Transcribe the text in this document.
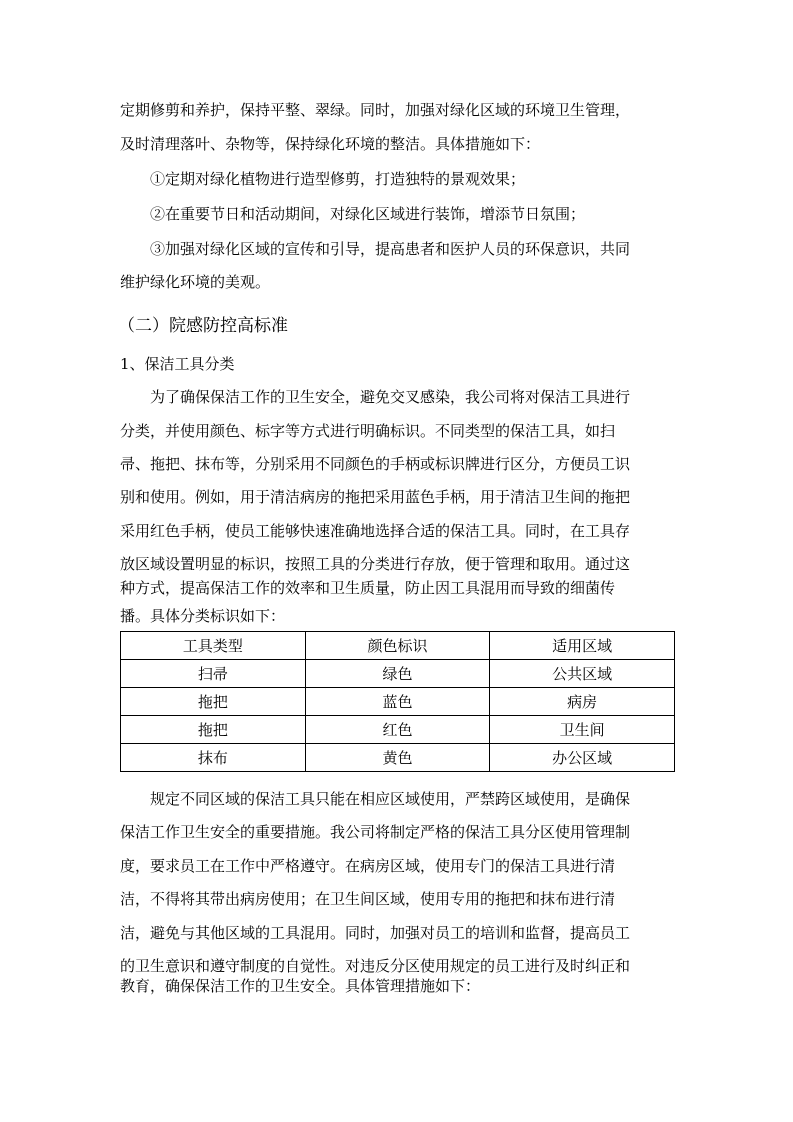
定期修剪和养护，保持平整、翠绿。同时，加强对绿化区域的环境卫生管理，
及时清理落叶、杂物等，保持绿化环境的整洁。具体措施如下：
①定期对绿化植物进行造型修剪，打造独特的景观效果；
②在重要节日和活动期间，对绿化区域进行装饰，增添节日氛围；
③加强对绿化区域的宣传和引导，提高患者和医护人员的环保意识，共同
维护绿化环境的美观。
（二）院感防控高标准
1、保洁工具分类
为了确保保洁工作的卫生安全，避免交叉感染，我公司将对保洁工具进行
分类，并使用颜色、标字等方式进行明确标识。不同类型的保洁工具，如扫
帚、拖把、抹布等，分别采用不同颜色的手柄或标识牌进行区分，方便员工识
别和使用。例如，用于清洁病房的拖把采用蓝色手柄，用于清洁卫生间的拖把
采用红色手柄，使员工能够快速准确地选择合适的保洁工具。同时，在工具存
放区域设置明显的标识，按照工具的分类进行存放，便于管理和取用。通过这
种方式，提高保洁工作的效率和卫生质量，防止因工具混用而导致的细菌传
播。具体分类标识如下：
工具类型	颜色标识	适用区域
扫帚	绿色	公共区域
拖把	蓝色	病房
拖把	红色	卫生间
抹布	黄色	办公区域
规定不同区域的保洁工具只能在相应区域使用，严禁跨区域使用，是确保
保洁工作卫生安全的重要措施。我公司将制定严格的保洁工具分区使用管理制
度，要求员工在工作中严格遵守。在病房区域，使用专门的保洁工具进行清
洁，不得将其带出病房使用；在卫生间区域，使用专用的拖把和抹布进行清
洁，避免与其他区域的工具混用。同时，加强对员工的培训和监督，提高员工
的卫生意识和遵守制度的自觉性。对违反分区使用规定的员工进行及时纠正和
教育，确保保洁工作的卫生安全。具体管理措施如下：
